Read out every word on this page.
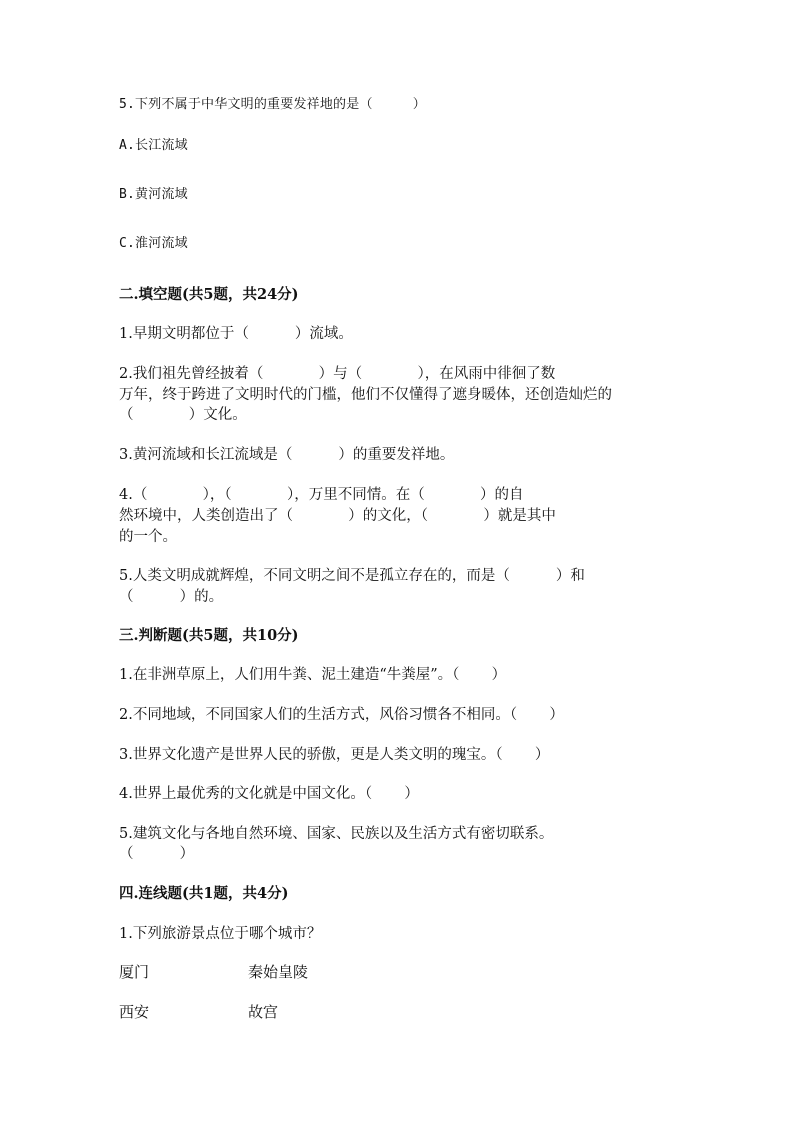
5.下列不属于中华文明的重要发祥地的是（     ）
A.长江流域
B.黄河流域
C.淮河流域
二.填空题(共5题，共24分)
1.早期文明都位于（          ）流域。
2.我们祖先曾经披着（            ）与（            ），在风雨中徘徊了数
万年，终于跨进了文明时代的门槛，他们不仅懂得了遮身暖体，还创造灿烂的
（            ）文化。
3.黄河流域和长江流域是（          ）的重要发祥地。
4.（            ），（            ），万里不同情。在（            ）的自
然环境中，人类创造出了（            ）的文化，（            ）就是其中
的一个。
5.人类文明成就辉煌，不同文明之间不是孤立存在的，而是（          ）和
（          ）的。
三.判断题(共5题，共10分)
1.在非洲草原上，人们用牛粪、泥土建造“牛粪屋”。（       ）
2.不同地域，不同国家人们的生活方式，风俗习惯各不相同。（       ）
3.世界文化遗产是世界人民的骄傲，更是人类文明的瑰宝。（       ）
4.世界上最优秀的文化就是中国文化。（       ）
5.建筑文化与各地自然环境、国家、民族以及生活方式有密切联系。
（          ）
四.连线题(共1题，共4分)
1.下列旅游景点位于哪个城市？
厦门	秦始皇陵
西安	故宫
